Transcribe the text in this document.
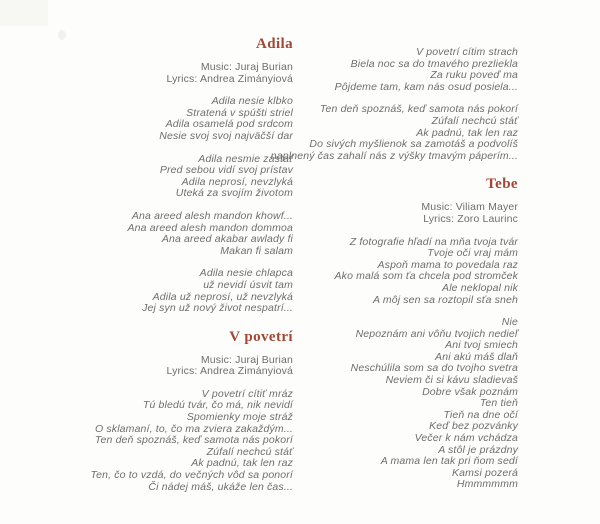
Adila
Music: Juraj Burian
Lyrics: Andrea Zimányiová
Adila nesie klbko
Stratená v spúšti striel
Adila osamelá pod srdcom
Nesie svoj svoj najväčší dar
Adila nesmie zastať
Pred sebou vidí svoj prístav
Adila neprosí, nevzlyká
Uteká za svojím životom
Ana areed alesh mandon khowf...
Ana areed alesh mandon dommoa
Ana areed akabar awlady fi
Makan fi salam
Adila nesie chlapca
už nevidí úsvit tam
Adila už neprosí, už nevzlyká
Jej syn už nový život nespatrí...
V povetrí
Music: Juraj Burian
Lyrics: Andrea Zimányiová
V povetrí cítiť mráz
Tú bledú tvár, čo má, nik nevidí
Spomienky moje stráž
O sklamaní, to, čo ma zviera zakaždým...
Ten deň spoznáš, keď samota nás pokorí
Zúfalí nechcú stáť
Ak padnú, tak len raz
Ten, čo to vzdá, do večných vôd sa ponorí
Či nádej máš, ukáže len čas...
V povetrí cítim strach
Biela noc sa do tmavého prezliekla
Za ruku poveď ma
Pôjdeme tam, kam nás osud posiela...
Ten deň spoznáš, keď samota nás pokorí
Zúfalí nechcú stáť
Ak padnú, tak len raz
Do sivých myšlienok sa zamotáš a podvolíš
naplnený čas zahalí nás z výšky tmavým páperím...
Tebe
Music: Viliam Mayer
Lyrics: Zoro Laurinc
Z fotografie hľadí na mňa tvoja tvár
Tvoje oči vraj mám
Aspoň mama to povedala raz
Ako malá som ťa chcela pod stromček
Ale neklopal nik
A môj sen sa roztopil sťa sneh
Nie
Nepoznám ani vôňu tvojich nedieľ
Ani tvoj smiech
Ani akú máš dlaň
Neschúlila som sa do tvojho svetra
Neviem či si kávu sladievaš
Dobre však poznám
Ten tieň
Tieň na dne očí
Keď bez pozvánky
Večer k nám vchádza
A stôl je prázdny
A mama len tak pri ňom sedí
Kamsi pozerá
Hmmmmmm
